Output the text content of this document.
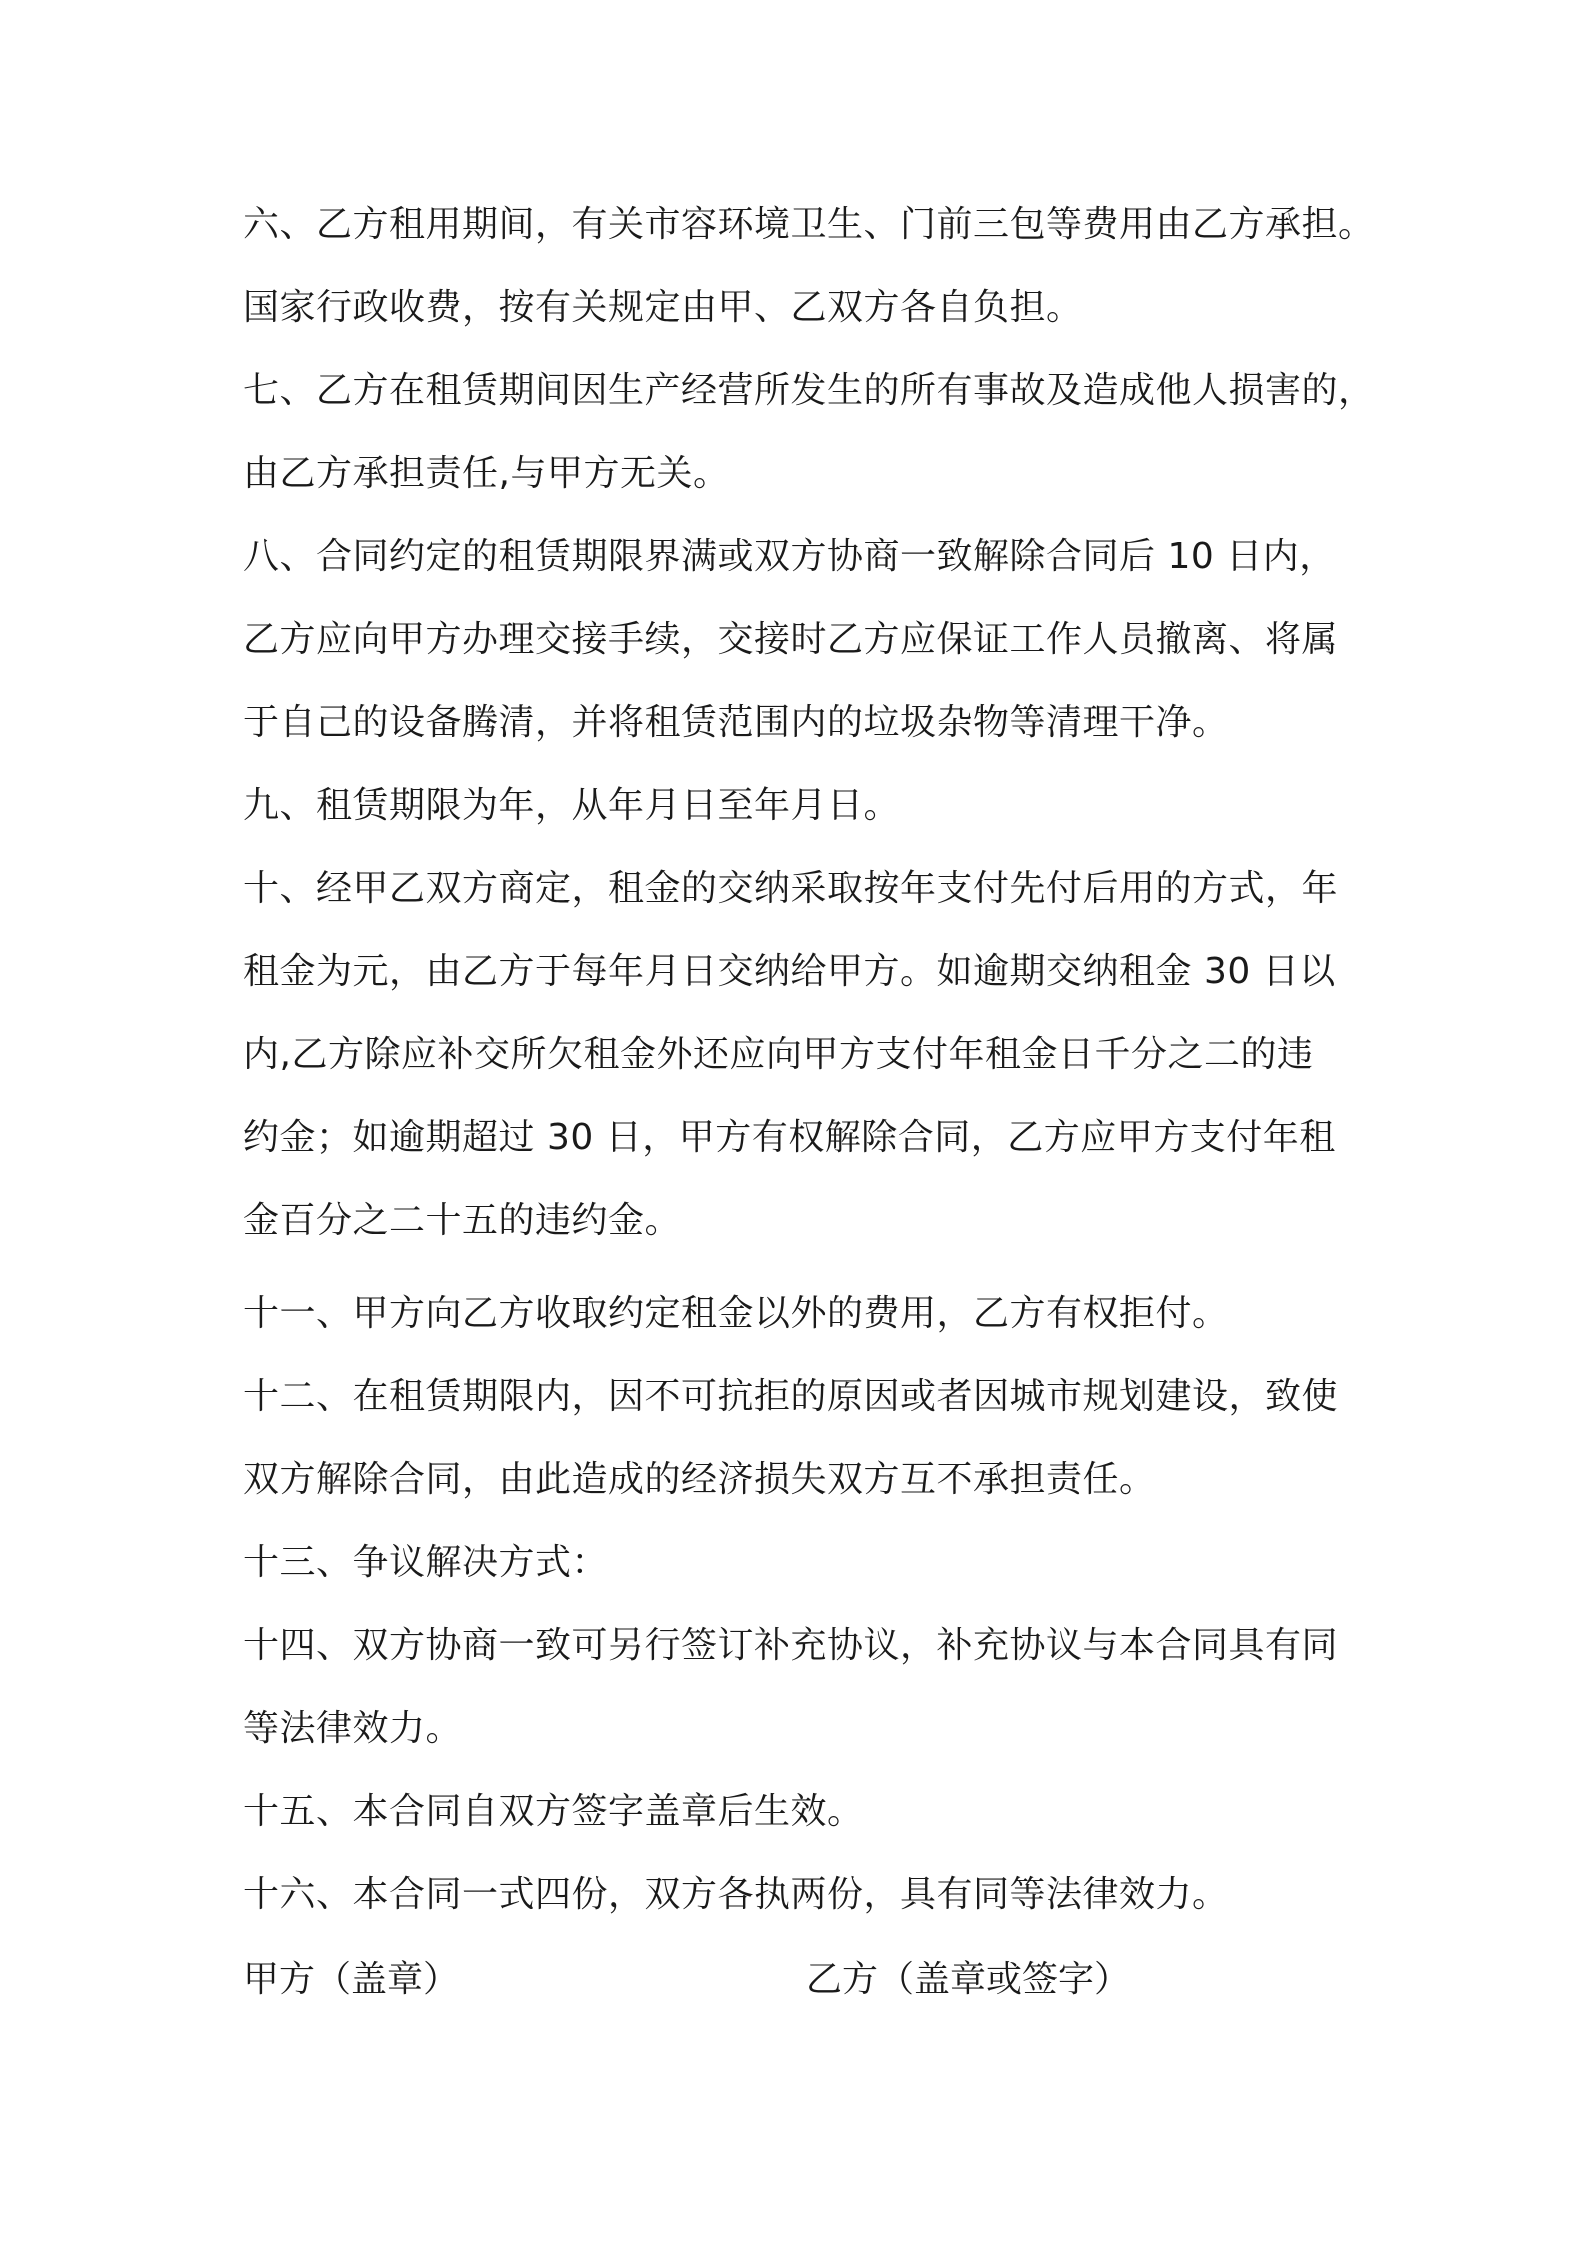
六、乙方租用期间，有关市容环境卫生、门前三包等费用由乙方承担。
国家行政收费，按有关规定由甲、乙双方各自负担。
七、乙方在租赁期间因生产经营所发生的所有事故及造成他人损害的，
由乙方承担责任,与甲方无关。
八、合同约定的租赁期限界满或双方协商一致解除合同后 10 日内，
乙方应向甲方办理交接手续，交接时乙方应保证工作人员撤离、将属
于自己的设备腾清，并将租赁范围内的垃圾杂物等清理干净。
九、租赁期限为年，从年月日至年月日。
十、经甲乙双方商定，租金的交纳采取按年支付先付后用的方式，年
租金为元，由乙方于每年月日交纳给甲方。如逾期交纳租金 30 日以
内,乙方除应补交所欠租金外还应向甲方支付年租金日千分之二的违
约金；如逾期超过 30 日，甲方有权解除合同，乙方应甲方支付年租
金百分之二十五的违约金。
十一、甲方向乙方收取约定租金以外的费用，乙方有权拒付。
十二、在租赁期限内，因不可抗拒的原因或者因城市规划建设，致使
双方解除合同，由此造成的经济损失双方互不承担责任。
十三、争议解决方式：
十四、双方协商一致可另行签订补充协议，补充协议与本合同具有同
等法律效力。
十五、本合同自双方签字盖章后生效。
十六、本合同一式四份，双方各执两份，具有同等法律效力。
甲方（盖章）	乙方（盖章或签字）
